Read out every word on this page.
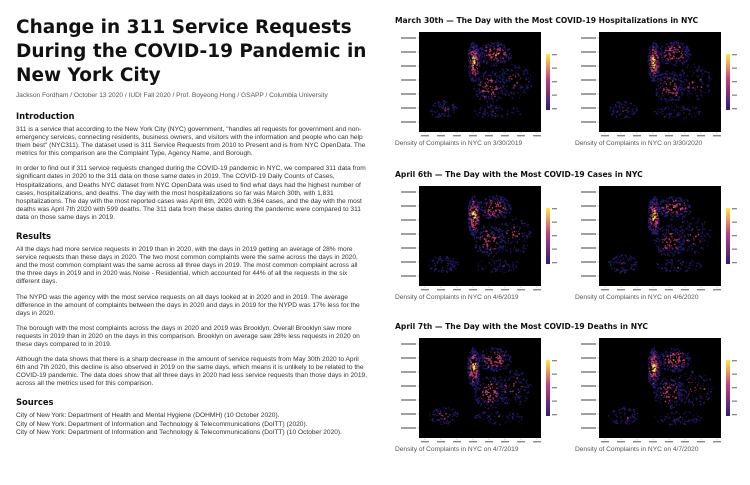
Change in 311 Service Requests During the COVID-19 Pandemic in New York City
Jackson Fordham / October 13 2020 / IUDI Fall 2020 / Prof. Boyeong Hong / GSAPP / Columbia University
Introduction

311 is a service that according to the New York City (NYC) government, "handles all requests for government and non-emergency services, connecting residents, business owners, and visitors with the information and people who can help them best" (NYC311). The dataset used is 311 Service Requests from 2010 to Present and is from NYC OpenData. The metrics for this comparison are the Complaint Type, Agency Name, and Borough.

In order to find out if 311 service requests changed during the COVID-19 pandemic in NYC, we compared 311 data from significant dates in 2020 to the 311 data on those same dates in 2019. The COVID-19 Daily Counts of Cases, Hospitalizations, and Deaths NYC dataset from NYC OpenData was used to find what days had the highest number of cases, hospitalizations, and deaths. The day with the most hospitalizations so far was March 30th, with 1,831 hospitalizations. The day with the most reported cases was April 6th, 2020 with 6,364 cases, and the day with the most deaths was April 7th 2020 with 599 deaths. The 311 data from these dates during the pandemic were compared to 311 data on those same days in 2019.

Results

All the days had more service requests in 2019 than in 2020, with the days in 2019 getting an average of 28% more service requests than these days in 2020. The two most common complaints were the same across the days in 2020, and the most common complaint was the same across all three days in 2019. The most common complaint across all the three days in 2019 and in 2020 was Noise - Residential, which accounted for 44% of all the requests in the six different days.

The NYPD was the agency with the most service requests on all days looked at in 2020 and in 2019. The average difference in the amount of complaints between the days in 2020 and days in 2019 for the NYPD was 17% less for the days in 2020.

The borough with the most complaints across the days in 2020 and 2019 was Brooklyn. Overall Brooklyn saw more requests in 2019 than in 2020 on the days in this comparison. Brooklyn on average saw 28% less requests in 2020 on these days compared to in 2019.

Although the data shows that there is a sharp decrease in the amount of service requests from May 30th 2020 to April 6th and 7th 2020, this decline is also observed in 2019 on the same days, which means it is unlikely to be related to the COVID-19 pandemic. The data does show that all three days in 2020 had less service requests than those days in 2019, across all the metrics used for this comparison.

Sources
City of New York: Department of Health and Mental Hygiene (DOHMH) (10 October 2020).
City of New York: Department of Information and Technology & Telecommunications (DoITT) (2020).
City of New York: Department of Information and Technology & Telecommunications (DoITT) (10 October 2020).
March 30th — The Day with the Most COVID-19 Hospitalizations in NYC
Density of Complaints in NYC on 3/30/2019	Density of Complaints in NYC on 3/30/2020
April 6th — The Day with the Most COVID-19 Cases in NYC
Density of Complaints in NYC on 4/6/2019	Density of Complaints in NYC on 4/6/2020
April 7th — The Day with the Most COVID-19 Deaths in NYC
Density of Complaints in NYC on 4/7/2019	Density of Complaints in NYC on 4/7/2020
